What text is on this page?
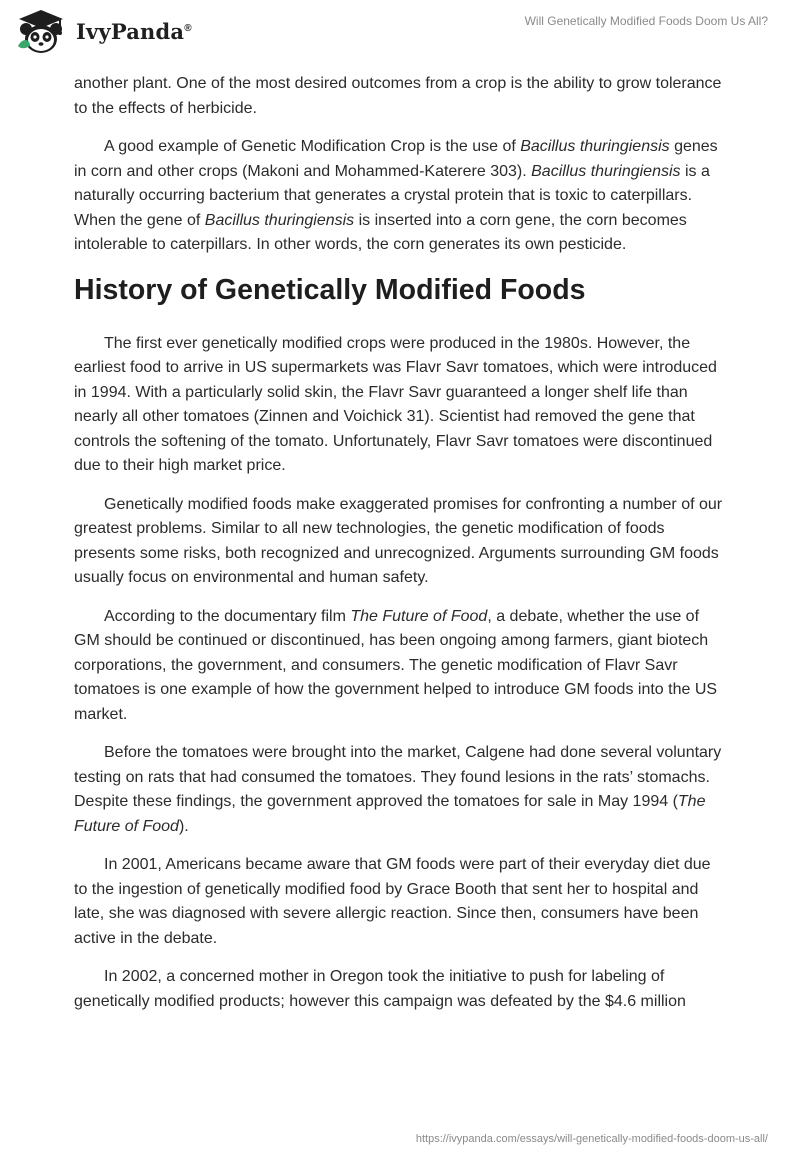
IvyPanda®
Will Genetically Modified Foods Doom Us All?

another plant. One of the most desired outcomes from a crop is the ability to grow tolerance to the effects of herbicide.

A good example of Genetic Modification Crop is the use of Bacillus thuringiensis genes in corn and other crops (Makoni and Mohammed-Katerere 303). Bacillus thuringiensis is a naturally occurring bacterium that generates a crystal protein that is toxic to caterpillars. When the gene of Bacillus thuringiensis is inserted into a corn gene, the corn becomes intolerable to caterpillars. In other words, the corn generates its own pesticide.

History of Genetically Modified Foods

The first ever genetically modified crops were produced in the 1980s. However, the earliest food to arrive in US supermarkets was Flavr Savr tomatoes, which were introduced in 1994. With a particularly solid skin, the Flavr Savr guaranteed a longer shelf life than nearly all other tomatoes (Zinnen and Voichick 31). Scientist had removed the gene that controls the softening of the tomato. Unfortunately, Flavr Savr tomatoes were discontinued due to their high market price.

Genetically modified foods make exaggerated promises for confronting a number of our greatest problems. Similar to all new technologies, the genetic modification of foods presents some risks, both recognized and unrecognized. Arguments surrounding GM foods usually focus on environmental and human safety.

According to the documentary film The Future of Food, a debate, whether the use of GM should be continued or discontinued, has been ongoing among farmers, giant biotech corporations, the government, and consumers. The genetic modification of Flavr Savr tomatoes is one example of how the government helped to introduce GM foods into the US market.

Before the tomatoes were brought into the market, Calgene had done several voluntary testing on rats that had consumed the tomatoes. They found lesions in the rats’ stomachs. Despite these findings, the government approved the tomatoes for sale in May 1994 (The Future of Food).

In 2001, Americans became aware that GM foods were part of their everyday diet due to the ingestion of genetically modified food by Grace Booth that sent her to hospital and late, she was diagnosed with severe allergic reaction. Since then, consumers have been active in the debate.

In 2002, a concerned mother in Oregon took the initiative to push for labeling of genetically modified products; however this campaign was defeated by the $4.6 million

https://ivypanda.com/essays/will-genetically-modified-foods-doom-us-all/
